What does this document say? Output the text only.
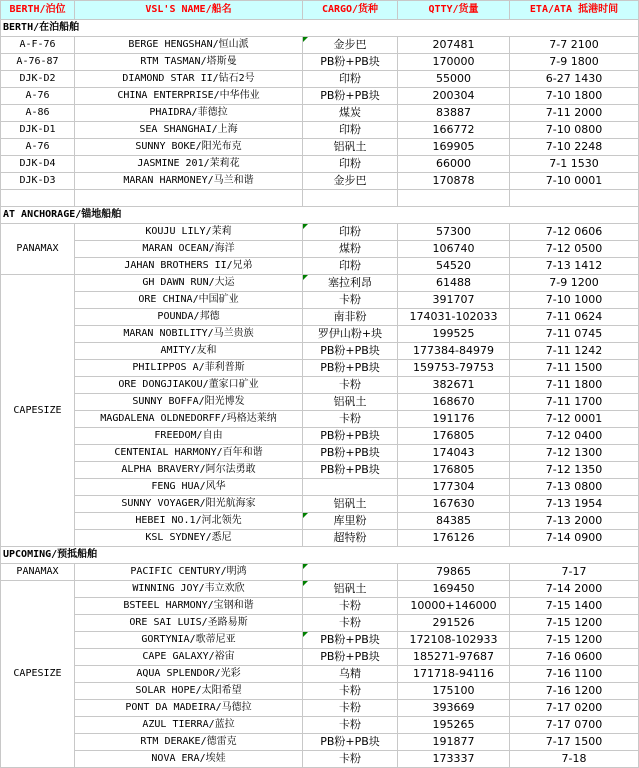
BERTH/泊位	VSL'S NAME/船名	CARGO/货种	QTTY/货量	ETA/ATA 抵港时间
BERTH/在泊船舶				
A-F-76	BERGE HENGSHAN/恒山派	金步巴	207481	7-7 2100
A-76-87	RTM TASMAN/塔斯曼	PB粉+PB块	170000	7-9 1800
DJK-D2	DIAMOND STAR II/钻石2号	印粉	55000	6-27 1430
A-76	CHINA ENTERPRISE/中华伟业	PB粉+PB块	200304	7-10 1800
A-86	PHAIDRA/菲德拉	煤炭	83887	7-11 2000
DJK-D1	SEA SHANGHAI/上海	印粉	166772	7-10 0800
A-76	SUNNY BOKE/阳光布克	铝矾土	169905	7-10 2248
DJK-D4	JASMINE 201/茉莉花	印粉	66000	7-1 1530
DJK-D3	MARAN HARMONEY/马兰和谐	金步巴	170878	7-10 0001

AT ANCHORAGE/锚地船舶				
PANAMAX	KOUJU LILY/茉莉	印粉	57300	7-12 0606
	MARAN OCEAN/海洋	煤粉	106740	7-12 0500
	JAHAN BROTHERS II/兄弟	印粉	54520	7-13 1412
CAPESIZE	GH DAWN RUN/大运	塞拉利昂	61488	7-9 1200
	ORE CHINA/中国矿业	卡粉	391707	7-10 1000
	POUNDA/邦德	南非粉	174031-102033	7-11 0624
	MARAN NOBILITY/马兰贵族	罗伊山粉+块	199525	7-11 0745
	AMITY/友和	PB粉+PB块	177384-84979	7-11 1242
	PHILIPPOS A/菲利普斯	PB粉+PB块	159753-79753	7-11 1500
	ORE DONGJIAKOU/董家口矿业	卡粉	382671	7-11 1800
	SUNNY BOFFA/阳光博发	铝矾土	168670	7-11 1700
	MAGDALENA OLDNEDORFF/玛格达莱纳	卡粉	191176	7-12 0001
	FREEDOM/自由	PB粉+PB块	176805	7-12 0400
	CENTENIAL HARMONY/百年和谐	PB粉+PB块	174043	7-12 1300
	ALPHA BRAVERY/阿尔法勇敢	PB粉+PB块	176805	7-12 1350
	FENG HUA/风华		177304	7-13 0800
	SUNNY VOYAGER/阳光航海家	铝矾土	167630	7-13 1954
	HEBEI NO.1/河北领先	库里粉	84385	7-13 2000
	KSL SYDNEY/悉尼	超特粉	176126	7-14 0900
UPCOMING/预抵船舶				
PANAMAX	PACIFIC CENTURY/明鸿		79865	7-17
CAPESIZE	WINNING JOY/韦立欢欣	铝矾土	169450	7-14 2000
	BSTEEL HARMONY/宝钢和谐	卡粉	10000+146000	7-15 1400
	ORE SAI LUIS/圣路易斯	卡粉	291526	7-15 1200
	GORTYNIA/歌蒂尼亚	PB粉+PB块	172108-102933	7-15 1200
	CAPE GALAXY/裕宙	PB粉+PB块	185271-97687	7-16 0600
	AQUA SPLENDOR/光彩	乌精	171718-94116	7-16 1100
	SOLAR HOPE/太阳希望	卡粉	175100	7-16 1200
	PONT DA MADEIRA/马德拉	卡粉	393669	7-17 0200
	AZUL TIERRA/蓝拉	卡粉	195265	7-17 0700
	RTM DERAKE/德雷克	PB粉+PB块	191877	7-17 1500
	NOVA ERA/埃娃	卡粉	173337	7-18
